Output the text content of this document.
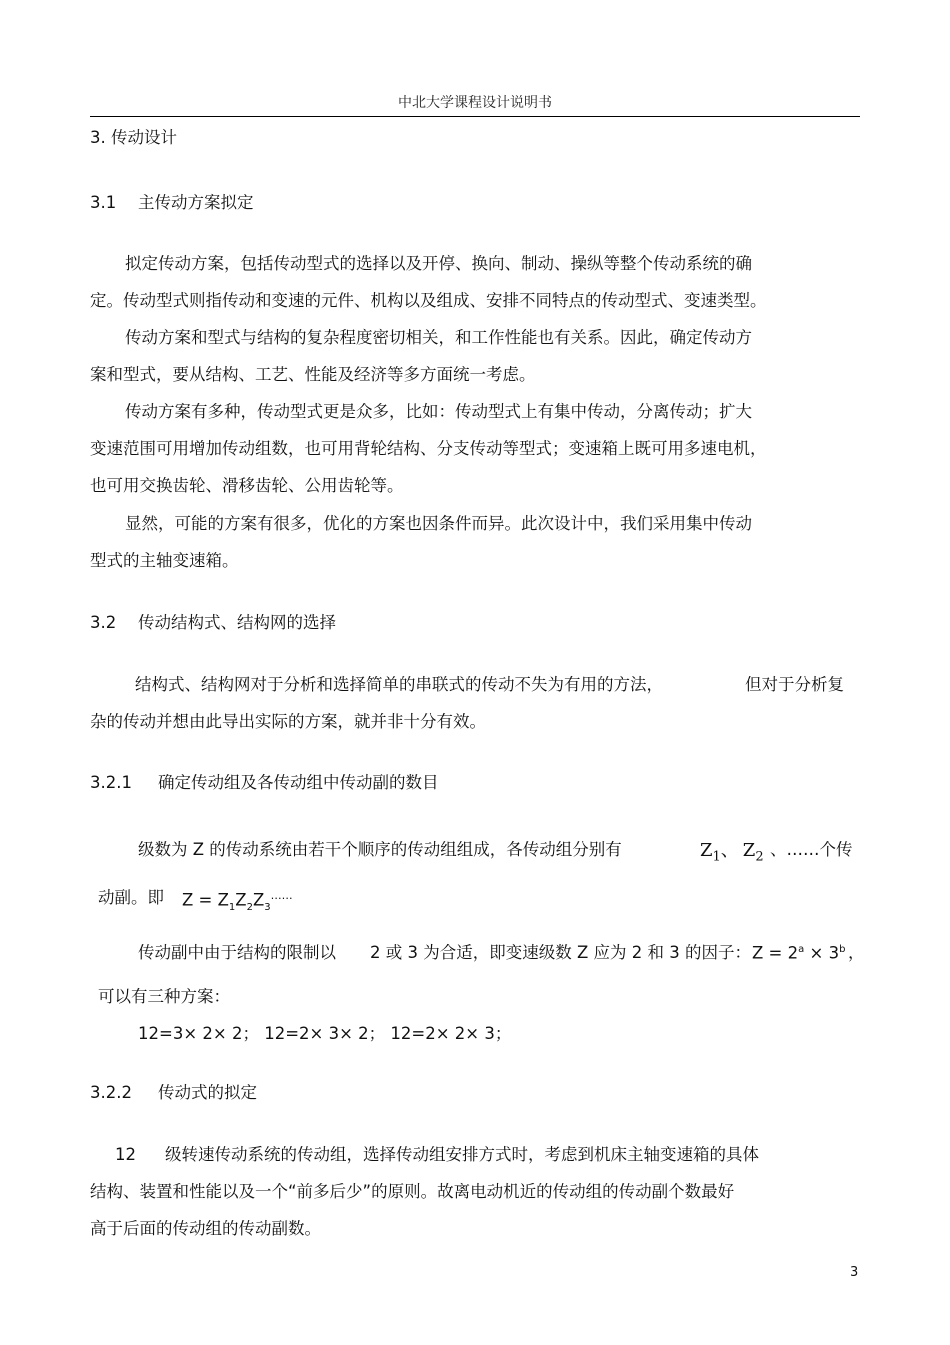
中北大学课程设计说明书
3. 传动设计
3.1 主传动方案拟定
拟定传动方案，包括传动型式的选择以及开停、换向、制动、操纵等整个传动系统的确
定。传动型式则指传动和变速的元件、机构以及组成、安排不同特点的传动型式、变速类型。
传动方案和型式与结构的复杂程度密切相关，和工作性能也有关系。因此，确定传动方
案和型式，要从结构、工艺、性能及经济等多方面统一考虑。
传动方案有多种，传动型式更是众多，比如：传动型式上有集中传动，分离传动；扩大
变速范围可用增加传动组数，也可用背轮结构、分支传动等型式；变速箱上既可用多速电机，
也可用交换齿轮、滑移齿轮、公用齿轮等。
显然，可能的方案有很多，优化的方案也因条件而异。此次设计中，我们采用集中传动
型式的主轴变速箱。
3.2 传动结构式、结构网的选择
结构式、结构网对于分析和选择简单的串联式的传动不失为有用的方法，	但对于分析复
杂的传动并想由此导出实际的方案，就并非十分有效。
3.2.1 确定传动组及各传动组中传动副的数目
级数为 Z 的传动系统由若干个顺序的传动组组成，各传动组分别有	$Z_1$、 $Z_2$ 、……个传
动副。即 $Z = Z_1Z_2Z_3^{\dots\dots}$
传动副中由于结构的限制以 2 或 3 为合适，即变速级数 Z 应为 2 和 3 的因子： $Z = 2^a \times 3^b$ ，
可以有三种方案：
12=3× 2× 2； 12=2× 3× 2； 12=2× 2× 3；
3.2.2 传动式的拟定
12 级转速传动系统的传动组，选择传动组安排方式时，考虑到机床主轴变速箱的具体
结构、装置和性能以及一个“前多后少”的原则。故离电动机近的传动组的传动副个数最好
高于后面的传动组的传动副数。
3
